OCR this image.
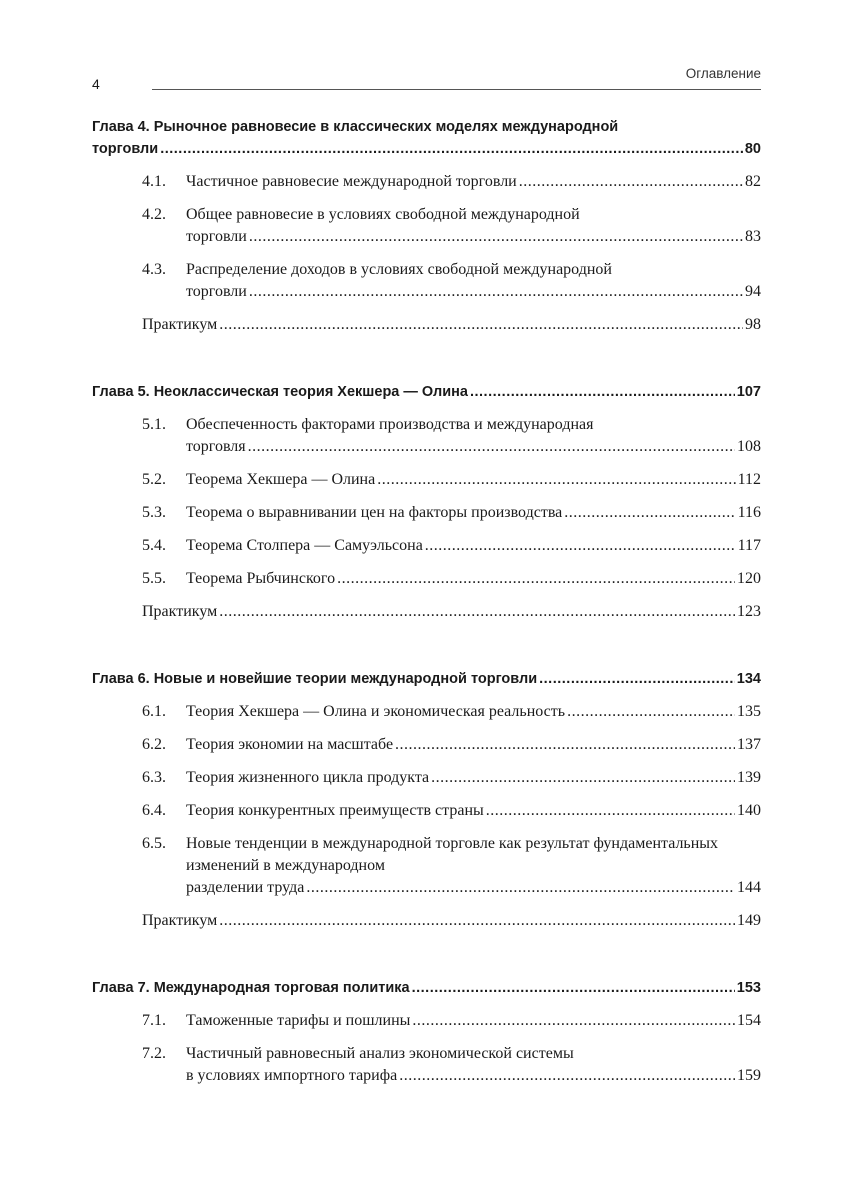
4
Оглавление
Глава 4. Рыночное равновесие в классических моделях международной
торговли .....	80
4.1.	Частичное равновесие международной торговли .....	82
4.2.	Общее равновесие в условиях свободной международной
торговли .....	83
4.3.	Распределение доходов в условиях свободной международной
торговли .....	94
Практикум .....	98
Глава 5. Неоклассическая теория Хекшера — Олина .....	107
5.1.	Обеспеченность факторами производства и международная
торговля .....	108
5.2.	Теорема Хекшера — Олина .....	112
5.3.	Теорема о выравнивании цен на факторы производства .....	116
5.4.	Теорема Столпера — Самуэльсона .....	117
5.5.	Теорема Рыбчинского .....	120
Практикум .....	123
Глава 6. Новые и новейшие теории международной торговли .....	134
6.1.	Теория Хекшера — Олина и экономическая реальность .....	135
6.2.	Теория экономии на масштабе .....	137
6.3.	Теория жизненного цикла продукта .....	139
6.4.	Теория конкурентных преимуществ страны .....	140
6.5.	Новые тенденции в международной торговле как результат фундаментальных изменений в международном
разделении труда .....	144
Практикум .....	149
Глава 7. Международная торговая политика .....	153
7.1.	Таможенные тарифы и пошлины .....	154
7.2.	Частичный равновесный анализ экономической системы
в условиях импортного тарифа .....	159
